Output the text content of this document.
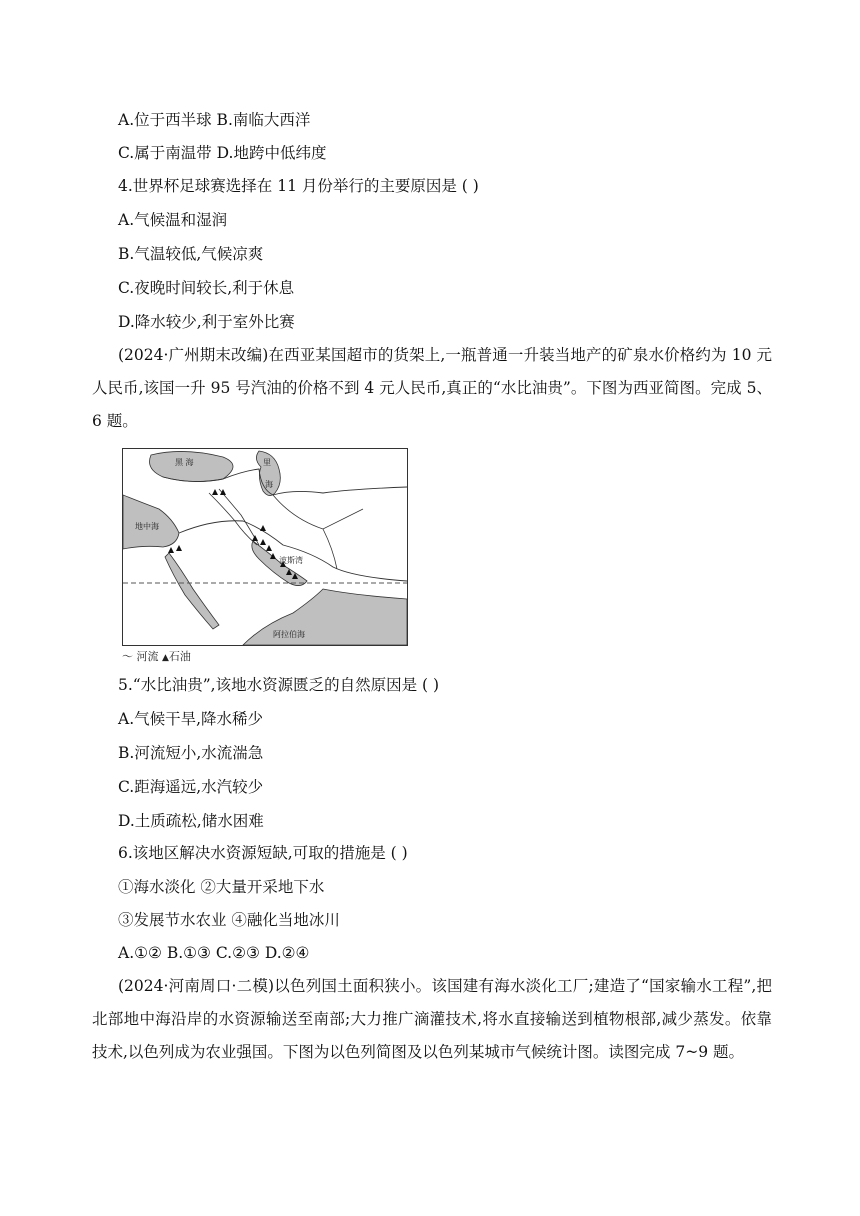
A.位于西半球 B.南临大西洋
C.属于南温带 D.地跨中低纬度
4.世界杯足球赛选择在 11 月份举行的主要原因是 ( )
A.气候温和湿润
B.气温较低,气候凉爽
C.夜晚时间较长,利于休息
D.降水较少,利于室外比赛
(2024·广州期末改编)在西亚某国超市的货架上,一瓶普通一升装当地产的矿泉水价格约为 10 元人民币,该国一升 95 号汽油的价格不到 4 元人民币,真正的“水比油贵”。下图为西亚简图。完成 5、6 题。
黑 海	里
海
地中海
波斯湾
阿拉伯海
〜 河流 ▲石油
5.“水比油贵”,该地水资源匮乏的自然原因是 ( )
A.气候干旱,降水稀少
B.河流短小,水流湍急
C.距海遥远,水汽较少
D.土质疏松,储水困难
6.该地区解决水资源短缺,可取的措施是 ( )
①海水淡化 ②大量开采地下水
③发展节水农业 ④融化当地冰川
A.①② B.①③ C.②③ D.②④
(2024·河南周口·二模)以色列国土面积狭小。该国建有海水淡化工厂;建造了“国家输水工程”,把北部地中海沿岸的水资源输送至南部;大力推广滴灌技术,将水直接输送到植物根部,减少蒸发。依靠技术,以色列成为农业强国。下图为以色列简图及以色列某城市气候统计图。读图完成 7~9 题。
